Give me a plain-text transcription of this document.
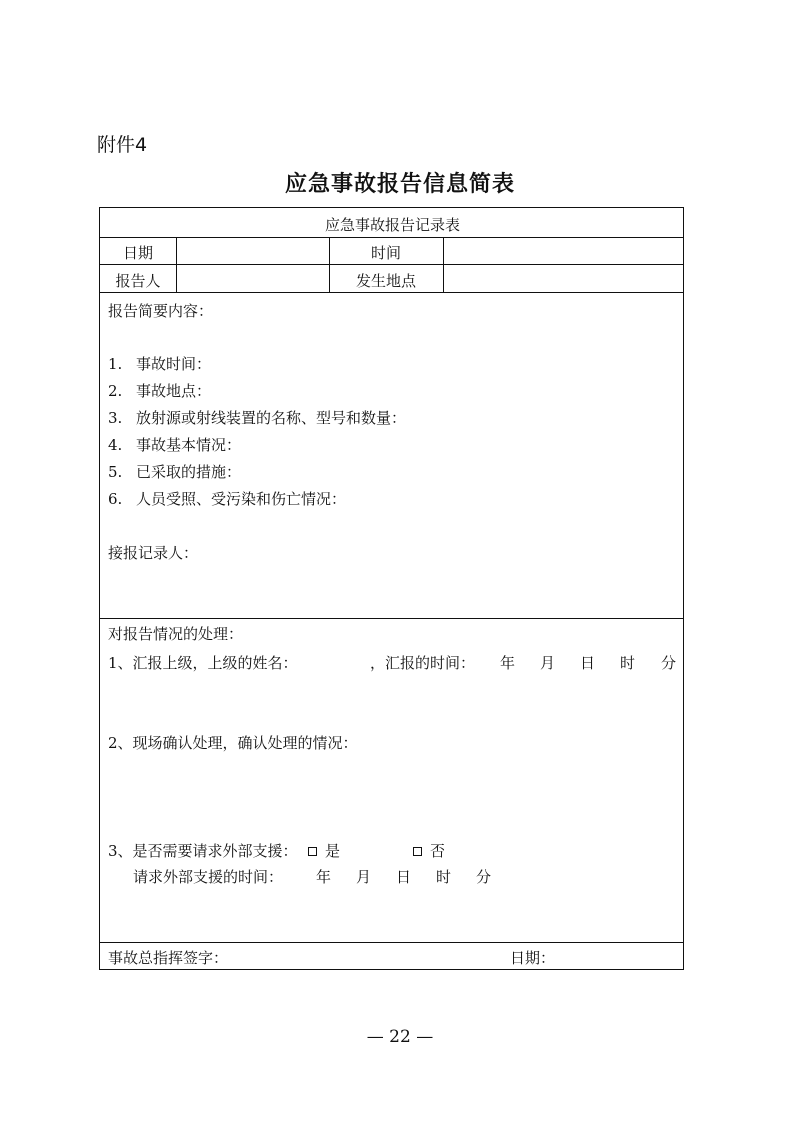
附件4
应急事故报告信息简表
应急事故报告记录表
日期	时间
报告人	发生地点
报告简要内容：
1. 事故时间：
2. 事故地点：
3. 放射源或射线装置的名称、型号和数量：
4. 事故基本情况：
5. 已采取的措施：
6. 人员受照、受污染和伤亡情况：
接报记录人：
对报告情况的处理：
1、汇报上级，上级的姓名：	，汇报的时间： 年 月 日 时 分
2、现场确认处理，确认处理的情况：
3、是否需要请求外部支援：	是	否
请求外部支援的时间： 年 月 日 时 分
事故总指挥签字：	日期：
— 22 —
